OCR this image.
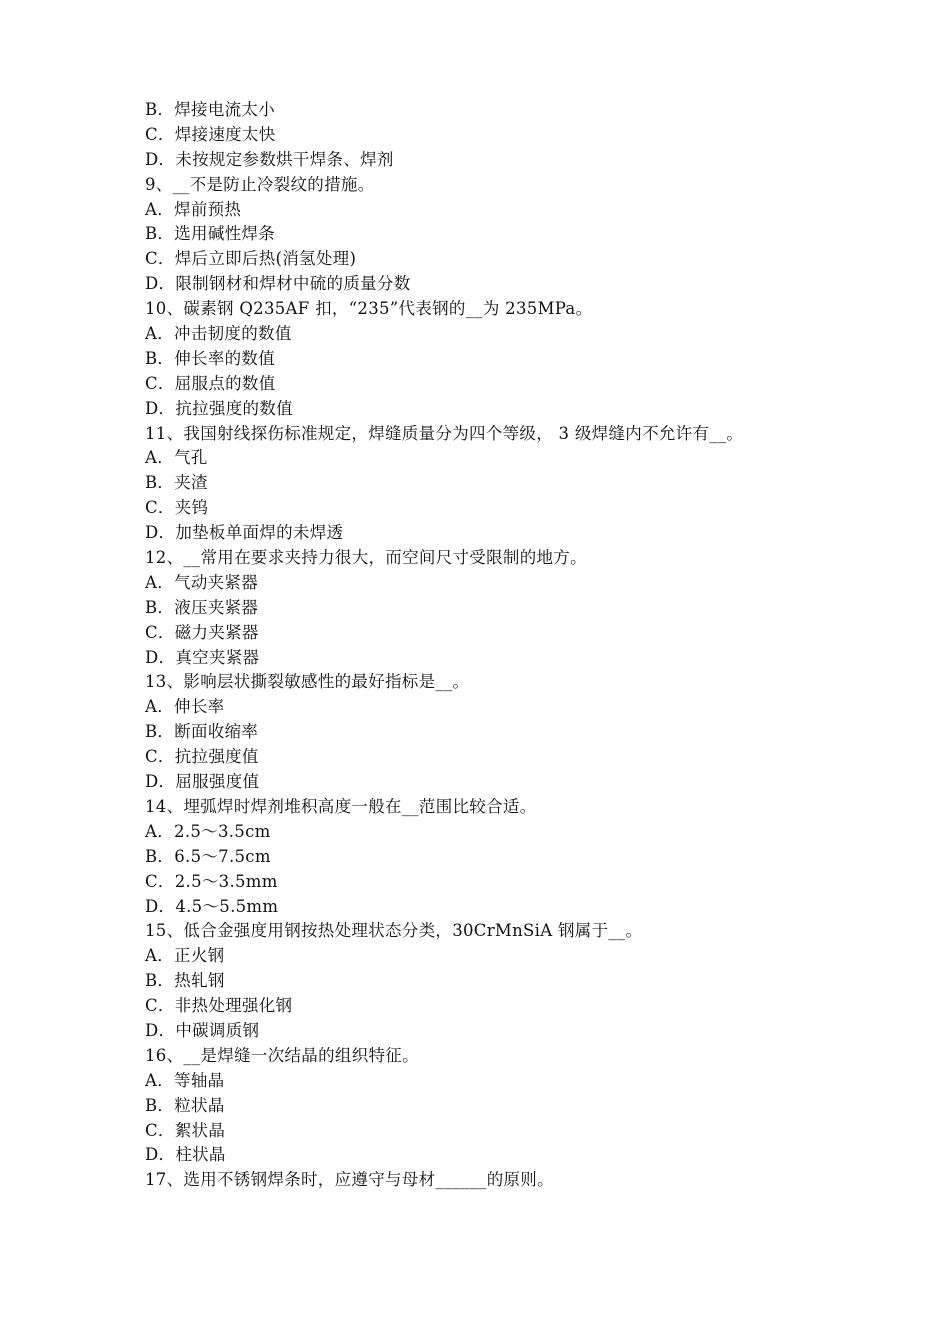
B．焊接电流太小
C．焊接速度太快
D．未按规定参数烘干焊条、焊剂
9、__不是防止冷裂纹的措施。
A．焊前预热
B．选用碱性焊条
C．焊后立即后热(消氢处理)
D．限制钢材和焊材中硫的质量分数
10、碳素钢 Q235AF 扣，“235”代表钢的__为 235MPa。
A．冲击韧度的数值
B．伸长率的数值
C．屈服点的数值
D．抗拉强度的数值
11、我国射线探伤标准规定，焊缝质量分为四个等级， 3 级焊缝内不允许有__。
A．气孔
B．夹渣
C．夹钨
D．加垫板单面焊的未焊透
12、__常用在要求夹持力很大，而空间尺寸受限制的地方。
A．气动夹紧器
B．液压夹紧器
C．磁力夹紧器
D．真空夹紧器
13、影响层状撕裂敏感性的最好指标是__。
A．伸长率
B．断面收缩率
C．抗拉强度值
D．屈服强度值
14、埋弧焊时焊剂堆积高度一般在__范围比较合适。
A．2.5～3.5cm
B．6.5～7.5cm
C．2.5～3.5mm
D．4.5～5.5mm
15、低合金强度用钢按热处理状态分类，30CrMnSiA 钢属于__。
A．正火钢
B．热轧钢
C．非热处理强化钢
D．中碳调质钢
16、__是焊缝一次结晶的组织特征。
A．等轴晶
B．粒状晶
C．絮状晶
D．柱状晶
17、选用不锈钢焊条时，应遵守与母材______的原则。
